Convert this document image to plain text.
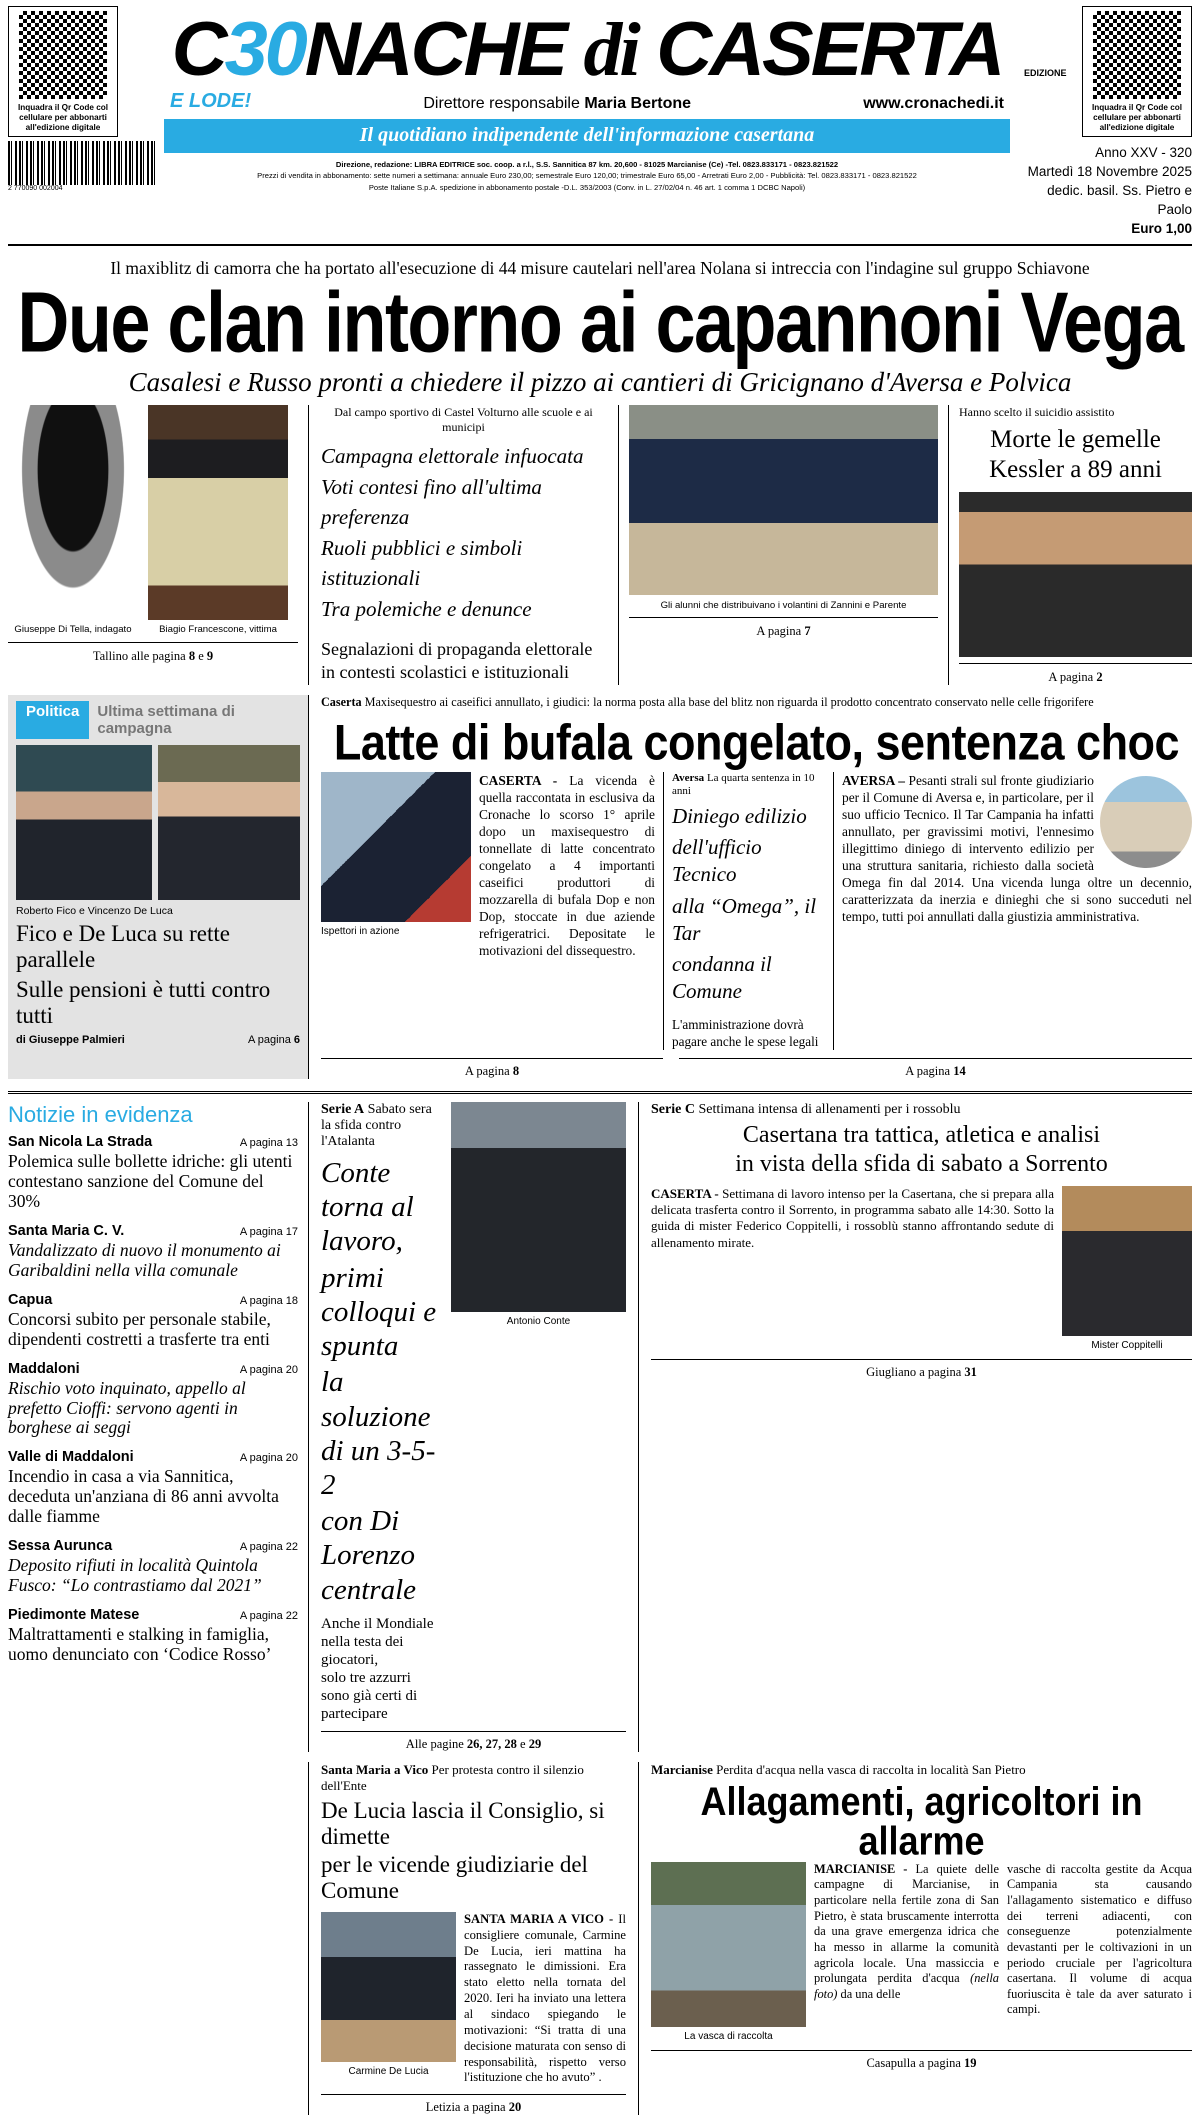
Inquadra il Qr Code col cellulare per abbonarti all'edizione digitale
2 770090 002004
C30NACHE di CASERTA	EDIZIONE
E LODE!	Direttore responsabile Maria Bertone	www.cronachedi.it
Il quotidiano indipendente dell'informazione casertana
Direzione, redazione: LIBRA EDITRICE soc. coop. a r.l., S.S. Sannitica 87 km. 20,600 - 81025 Marcianise (Ce) -Tel. 0823.833171 - 0823.821522
Prezzi di vendita in abbonamento: sette numeri a settimana: annuale Euro 230,00; semestrale Euro 120,00; trimestrale Euro 65,00 - Arretrati Euro 2,00 - Pubblicità: Tel. 0823.833171 - 0823.821522
Poste Italiane S.p.A. spedizione in abbonamento postale -D.L. 353/2003 (Conv. in L. 27/02/04 n. 46 art. 1 comma 1 DCBC Napoli)
Inquadra il Qr Code col cellulare per abbonarti all'edizione digitale
Anno XXV - 320
Martedì 18 Novembre 2025
dedic. basil. Ss. Pietro e Paolo
Euro 1,00
Il maxiblitz di camorra che ha portato all'esecuzione di 44 misure cautelari nell'area Nolana si intreccia con l'indagine sul gruppo Schiavone
Due clan intorno ai capannoni Vega
Casalesi e Russo pronti a chiedere il pizzo ai cantieri di Gricignano d'Aversa e Polvica
Giuseppe Di Tella, indagato	Biagio Francescone, vittima
Tallino alle pagina 8 e 9
Dal campo sportivo di Castel Volturno alle scuole e ai municipi
Campagna elettorale infuocata
Voti contesi fino all'ultima preferenza
Ruoli pubblici e simboli istituzionali
Tra polemiche e denunce
Segnalazioni di propaganda elettorale
in contesti scolastici e istituzionali
Gli alunni che distribuivano i volantini di Zannini e Parente
A pagina 7
Hanno scelto il suicidio assistito
Morte le gemelle
Kessler a 89 anni
A pagina 2
Politica	Ultima settimana di campagna
Roberto Fico e Vincenzo De Luca
Fico e De Luca su rette parallele
Sulle pensioni è tutti contro tutti
di Giuseppe Palmieri	A pagina 6
Caserta Maxisequestro ai caseifici annullato, i giudici: la norma posta alla base del blitz non riguarda il prodotto concentrato conservato nelle celle frigorifere
Latte di bufala congelato, sentenza choc
Ispettori in azione
CASERTA - La vicenda è quella raccontata in esclusiva da Cronache lo scorso 1° aprile dopo un maxisequestro di tonnellate di latte concentrato congelato a 4 importanti caseifici produttori di mozzarella di bufala Dop e non Dop, stoccate in due aziende refrigeratrici. Depositate le motivazioni del dissequestro.
Aversa La quarta sentenza in 10 anni
Diniego edilizio
dell'ufficio Tecnico
alla “Omega”, il Tar
condanna il Comune
L'amministrazione dovrà
pagare anche le spese legali
AVERSA – Pesanti strali sul fronte giudiziario per il Comune di Aversa e, in particolare, per il suo ufficio Tecnico. Il Tar Campania ha infatti annullato, per gravissimi motivi, l'ennesimo illegittimo diniego di intervento edilizio per una struttura sanitaria, richiesto dalla società Omega fin dal 2014. Una vicenda lunga oltre un decennio, caratterizzata da inerzia e dinieghi che si sono succeduti nel tempo, tutti poi annullati dalla giustizia amministrativa.
A pagina 8	A pagina 14
Notizie in evidenza
San Nicola La Strada	A pagina 13
Polemica sulle bollette idriche: gli utenti contestano sanzione del Comune del 30%
Santa Maria C. V.	A pagina 17
Vandalizzato di nuovo il monumento ai Garibaldini nella villa comunale
Capua	A pagina 18
Concorsi subito per personale stabile, dipendenti costretti a trasferte tra enti
Maddaloni	A pagina 20
Rischio voto inquinato, appello al prefetto Cioffi: servono agenti in borghese ai seggi
Valle di Maddaloni	A pagina 20
Incendio in casa a via Sannitica, deceduta un'anziana di 86 anni avvolta dalle fiamme
Sessa Aurunca	A pagina 22
Deposito rifiuti in località Quintola Fusco: “Lo contrastiamo dal 2021”
Piedimonte Matese	A pagina 22
Maltrattamenti e stalking in famiglia, uomo denunciato con ‘Codice Rosso’
Serie A Sabato sera la sfida contro l'Atalanta
Conte torna al lavoro,
primi colloqui e spunta
la soluzione di un 3-5-2
con Di Lorenzo centrale
Anche il Mondiale nella testa dei giocatori,
solo tre azzurri sono già certi di partecipare
Antonio Conte
Alle pagine 26, 27, 28 e 29
Serie C Settimana intensa di allenamenti per i rossoblu
Casertana tra tattica, atletica e analisi
in vista della sfida di sabato a Sorrento
CASERTA - Settimana di lavoro intenso per la Casertana, che si prepara alla delicata trasferta contro il Sorrento, in programma sabato alle 14:30. Sotto la guida di mister Federico Coppitelli, i rossoblù stanno affrontando sedute di allenamento mirate.
Mister Coppitelli
Giugliano a pagina 31
Santa Maria a Vico Per protesta contro il silenzio dell'Ente
De Lucia lascia il Consiglio, si dimette
per le vicende giudiziarie del Comune
Carmine De Lucia
SANTA MARIA A VICO - Il consigliere comunale, Carmine De Lucia, ieri mattina ha rassegnato le dimissioni. Era stato eletto nella tornata del 2020. Ieri ha inviato una lettera al sindaco spiegando le motivazioni: “Si tratta di una decisione maturata con senso di responsabilità, rispetto verso l'istituzione che ho avuto” .
Letizia a pagina 20
Marcianise Perdita d'acqua nella vasca di raccolta in località San Pietro
Allagamenti, agricoltori in allarme
La vasca di raccolta
MARCIANISE - La quiete delle campagne di Marcianise, in particolare nella fertile zona di San Pietro, è stata bruscamente interrotta da una grave emergenza idrica che ha messo in allarme la comunità agricola locale. Una massiccia e prolungata perdita d'acqua (nella foto) da una delle
vasche di raccolta gestite da Acqua Campania sta causando l'allagamento sistematico e diffuso dei terreni adiacenti, con conseguenze potenzialmente devastanti per le coltivazioni in un periodo cruciale per l'agricoltura casertana. Il volume di acqua fuoriuscita è tale da aver saturato i campi.
Casapulla a pagina 19
